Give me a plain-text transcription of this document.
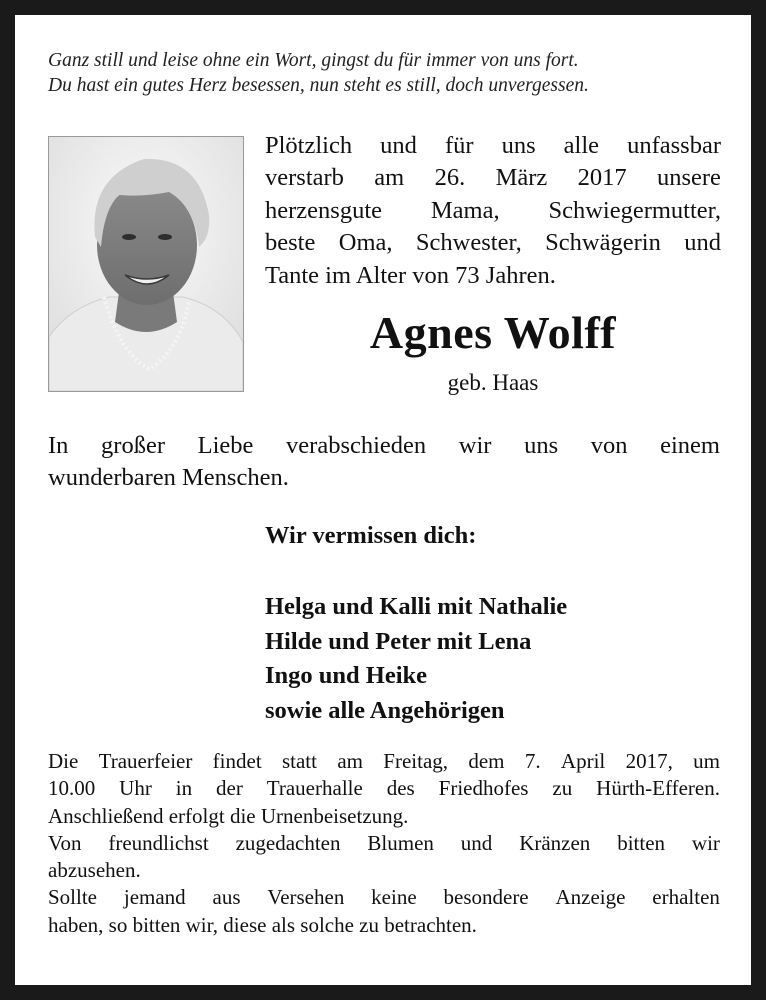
Ganz still und leise ohne ein Wort, gingst du für immer von uns fort.
Du hast ein gutes Herz besessen, nun steht es still, doch unvergessen.
Plötzlich und für uns alle unfassbar
verstarb am 26. März 2017 unsere
herzensgute Mama, Schwiegermutter,
beste Oma, Schwester, Schwägerin und
Tante im Alter von 73 Jahren.
Agnes Wolff
geb. Haas
In großer Liebe verabschieden wir uns von einem
wunderbaren Menschen.
Wir vermissen dich:
Helga und Kalli mit Nathalie
Hilde und Peter mit Lena
Ingo und Heike
sowie alle Angehörigen
Die Trauerfeier findet statt am Freitag, dem 7. April 2017, um
10.00 Uhr in der Trauerhalle des Friedhofes zu Hürth-Efferen.
Anschließend erfolgt die Urnenbeisetzung.
Von freundlichst zugedachten Blumen und Kränzen bitten wir
abzusehen.
Sollte jemand aus Versehen keine besondere Anzeige erhalten
haben, so bitten wir, diese als solche zu betrachten.
